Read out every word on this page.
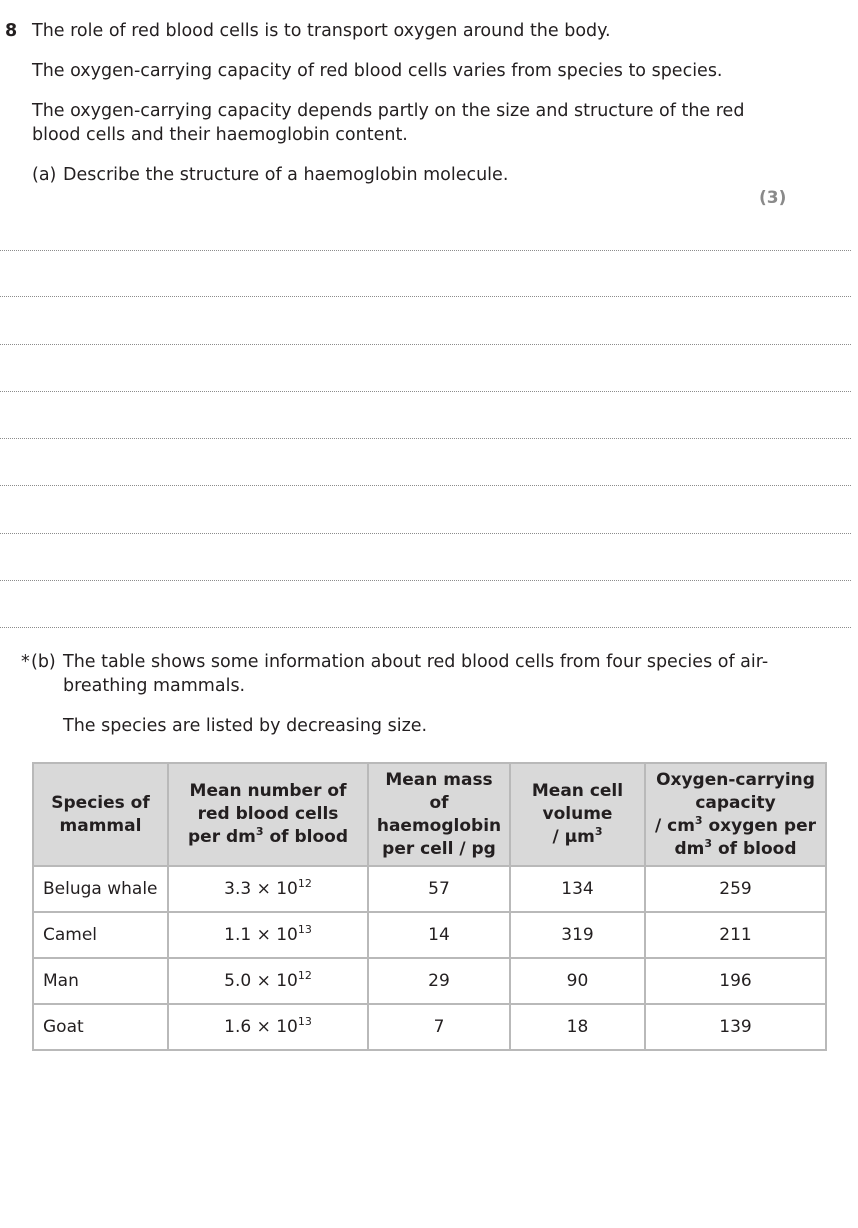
8 The role of red blood cells is to transport oxygen around the body.
The oxygen-carrying capacity of red blood cells varies from species to species.
The oxygen-carrying capacity depends partly on the size and structure of the red
blood cells and their haemoglobin content.
(a) Describe the structure of a haemoglobin molecule.
(3)
* (b) The table shows some information about red blood cells from four species of air-
breathing mammals.
The species are listed by decreasing size.
Species of
mammal	Mean number of
red blood cells
per $dm^3$ of blood	Mean mass of
haemoglobin
per cell / pg	Mean cell
volume
/ µm$^3$	Oxygen-carrying
capacity
/ $cm^3$ oxygen per
$dm^3$ of blood
Beluga whale	$3.3 \times 10^{12}$	57	134	259
Camel	$1.1 \times 10^{13}$	14	319	211
Man	$5.0 \times 10^{12}$	29	90	196
Goat	$1.6 \times 10^{13}$	7	18	139
